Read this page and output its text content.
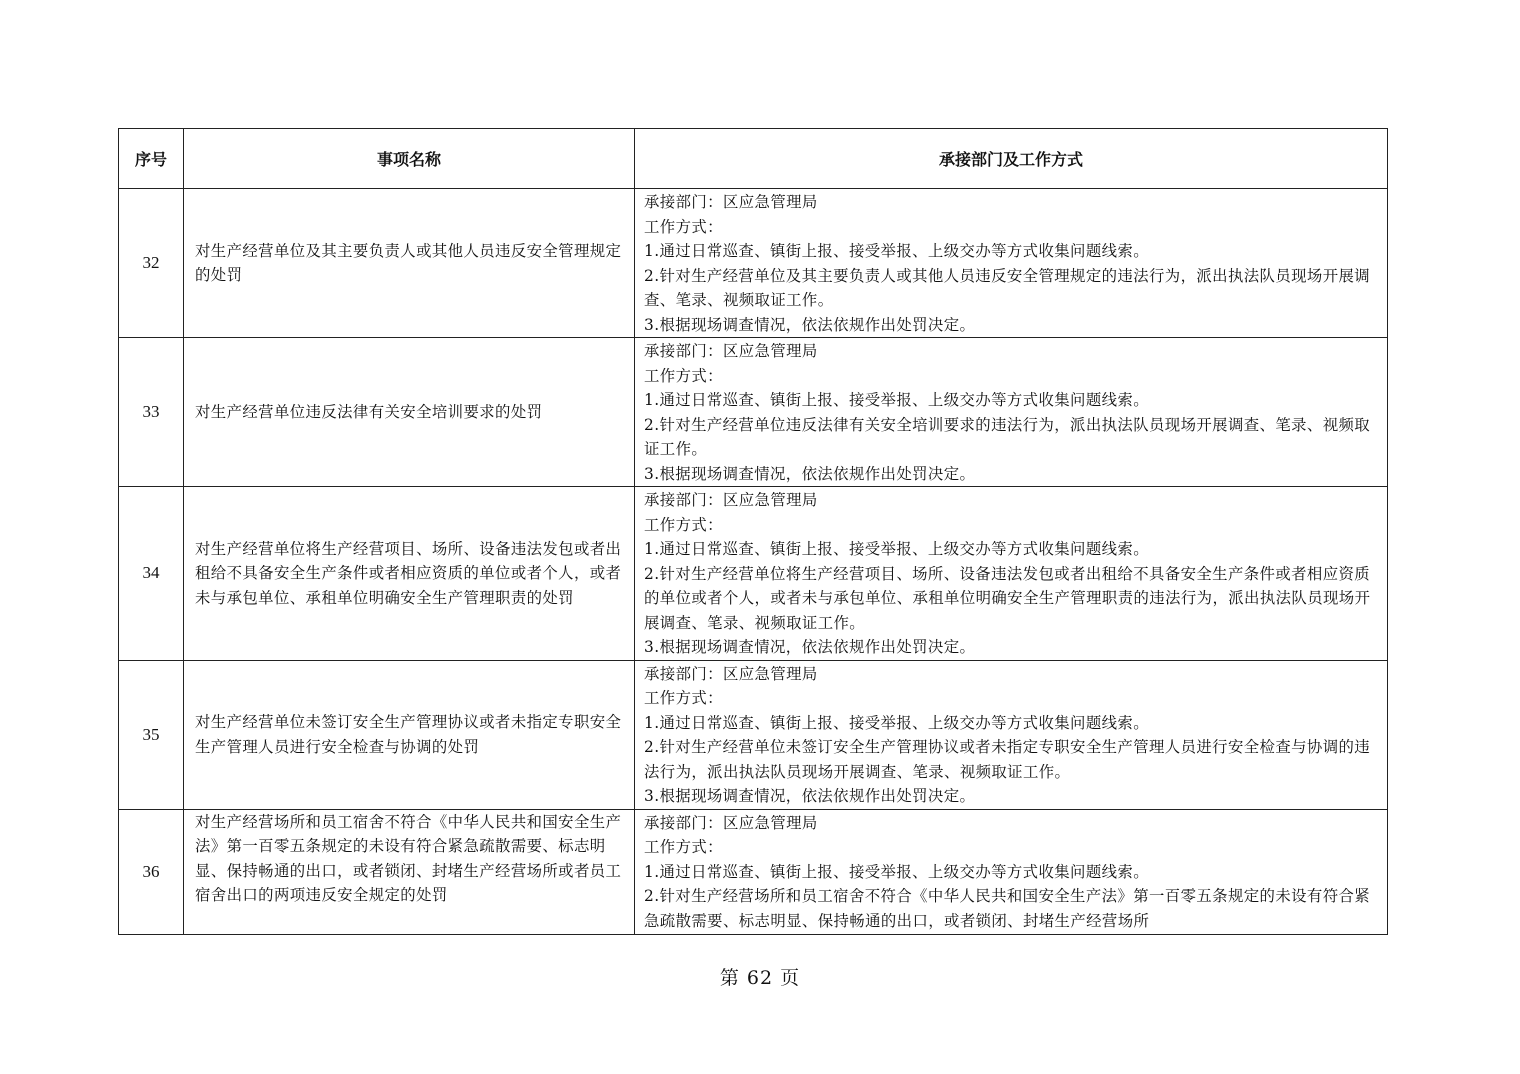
序号	事项名称	承接部门及工作方式
32	对生产经营单位及其主要负责人或其他人员违反安全管理规定的处罚	承接部门：区应急管理局
工作方式：
1.通过日常巡查、镇街上报、接受举报、上级交办等方式收集问题线索。
2.针对生产经营单位及其主要负责人或其他人员违反安全管理规定的违法行为，派出执法队员现场开展调查、笔录、视频取证工作。
3.根据现场调查情况，依法依规作出处罚决定。

33	对生产经营单位违反法律有关安全培训要求的处罚	承接部门：区应急管理局
工作方式：
1.通过日常巡查、镇街上报、接受举报、上级交办等方式收集问题线索。
2.针对生产经营单位违反法律有关安全培训要求的违法行为，派出执法队员现场开展调查、笔录、视频取证工作。
3.根据现场调查情况，依法依规作出处罚决定。

34	对生产经营单位将生产经营项目、场所、设备违法发包或者出租给不具备安全生产条件或者相应资质的单位或者个人，或者未与承包单位、承租单位明确安全生产管理职责的处罚	承接部门：区应急管理局
工作方式：
1.通过日常巡查、镇街上报、接受举报、上级交办等方式收集问题线索。
2.针对生产经营单位将生产经营项目、场所、设备违法发包或者出租给不具备安全生产条件或者相应资质的单位或者个人，或者未与承包单位、承租单位明确安全生产管理职责的违法行为，派出执法队员现场开展调查、笔录、视频取证工作。
3.根据现场调查情况，依法依规作出处罚决定。

35	对生产经营单位未签订安全生产管理协议或者未指定专职安全生产管理人员进行安全检查与协调的处罚	承接部门：区应急管理局
工作方式：
1.通过日常巡查、镇街上报、接受举报、上级交办等方式收集问题线索。
2.针对生产经营单位未签订安全生产管理协议或者未指定专职安全生产管理人员进行安全检查与协调的违法行为，派出执法队员现场开展调查、笔录、视频取证工作。
3.根据现场调查情况，依法依规作出处罚决定。

36	对生产经营场所和员工宿舍不符合《中华人民共和国安全生产法》第一百零五条规定的未设有符合紧急疏散需要、标志明显、保持畅通的出口，或者锁闭、封堵生产经营场所或者员工宿舍出口的两项违反安全规定的处罚	承接部门：区应急管理局
工作方式：
1.通过日常巡查、镇街上报、接受举报、上级交办等方式收集问题线索。
2.针对生产经营场所和员工宿舍不符合《中华人民共和国安全生产法》第一百零五条规定的未设有符合紧急疏散需要、标志明显、保持畅通的出口，或者锁闭、封堵生产经营场所
第 62 页
